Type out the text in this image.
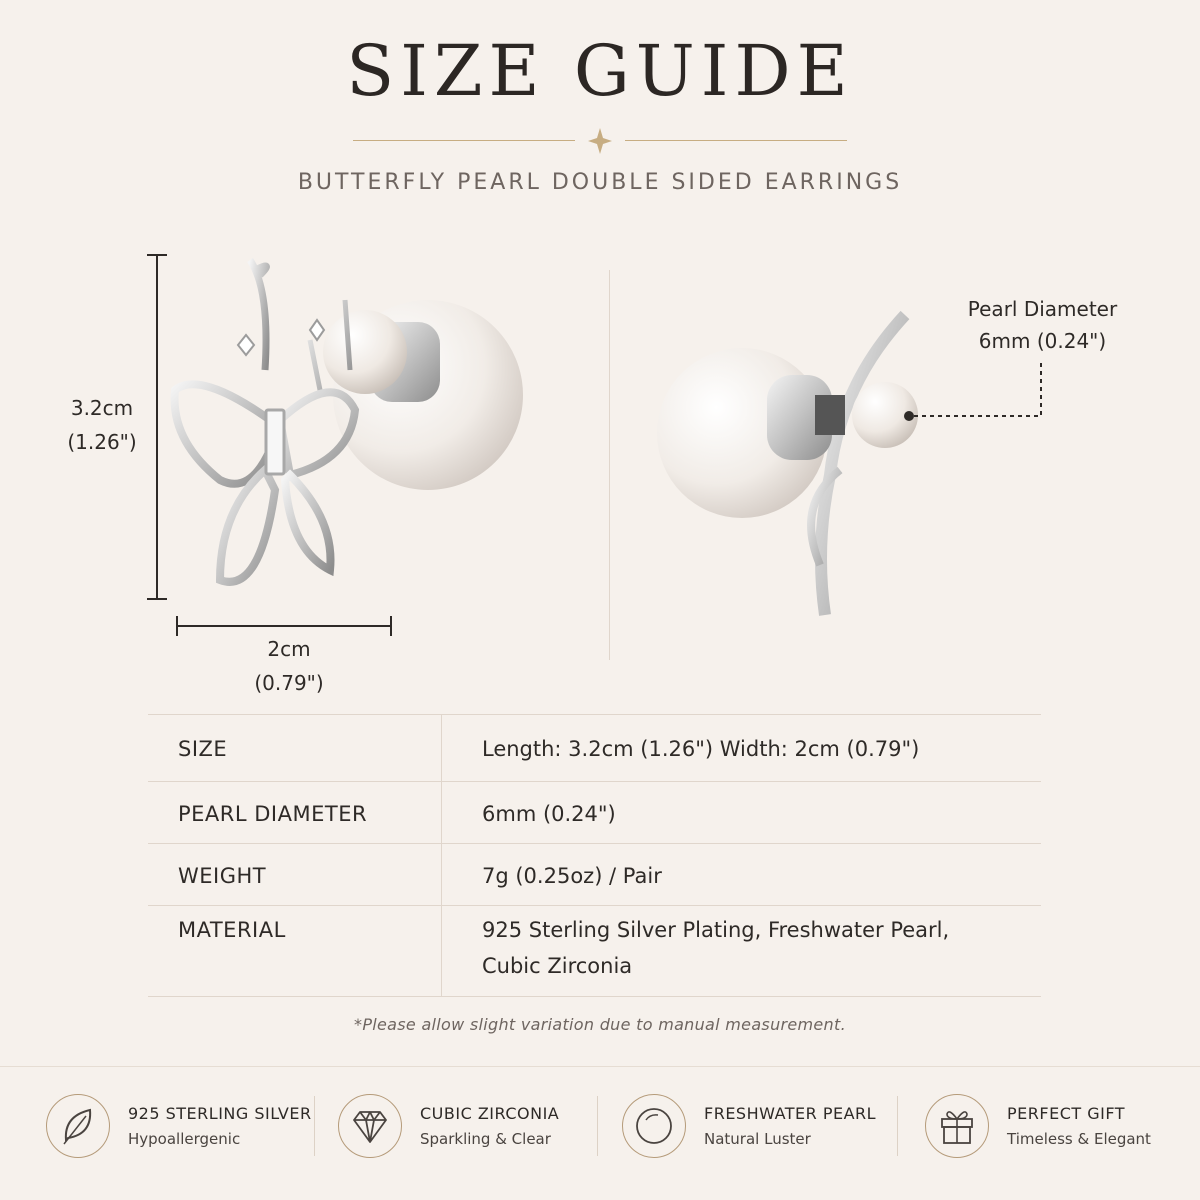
SIZE GUIDE
BUTTERFLY PEARL DOUBLE SIDED EARRINGS
3.2cm
(1.26")
2cm
(0.79")
Pearl Diameter
6mm (0.24")
SIZE	Length: 3.2cm (1.26") Width: 2cm (0.79")
PEARL DIAMETER	6mm (0.24")
WEIGHT	7g (0.25oz) / Pair
MATERIAL	925 Sterling Silver Plating, Freshwater Pearl,
Cubic Zirconia
*Please allow slight variation due to manual measurement.
925 STERLING SILVER
Hypoallergenic
CUBIC ZIRCONIA
Sparkling & Clear
FRESHWATER PEARL
Natural Luster
PERFECT GIFT
Timeless & Elegant
